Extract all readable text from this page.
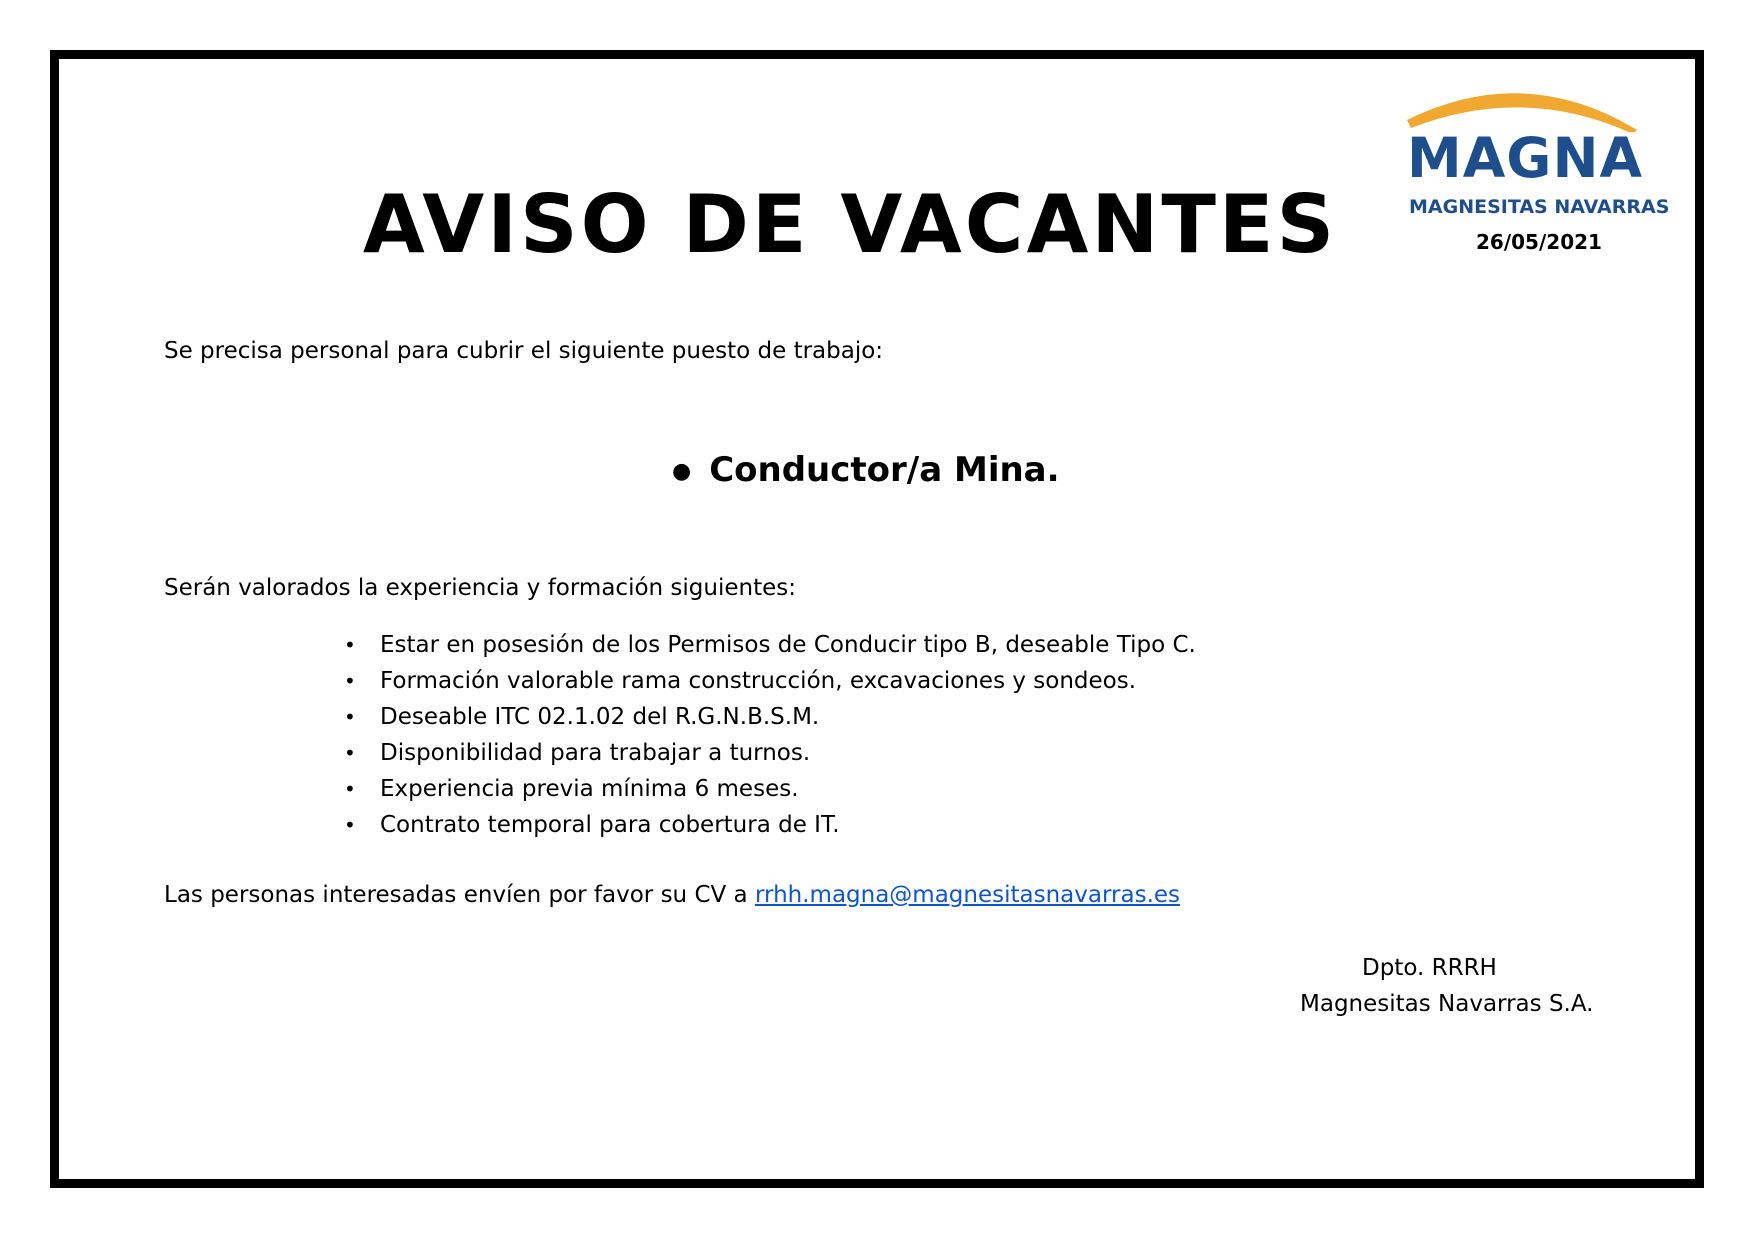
MAGNA
MAGNESITAS NAVARRAS
26/05/2021
AVISO DE VACANTES
Se precisa personal para cubrir el siguiente puesto de trabajo:
● Conductor/a Mina.
Serán valorados la experiencia y formación siguientes:
• Estar en posesión de los Permisos de Conducir tipo B, deseable Tipo C.
• Formación valorable rama construcción, excavaciones y sondeos.
• Deseable ITC 02.1.02 del R.G.N.B.S.M.
• Disponibilidad para trabajar a turnos.
• Experiencia previa mínima 6 meses.
• Contrato temporal para cobertura de IT.
Las personas interesadas envíen por favor su CV a rrhh.magna@magnesitasnavarras.es
Dpto. RRRH
Magnesitas Navarras S.A.
